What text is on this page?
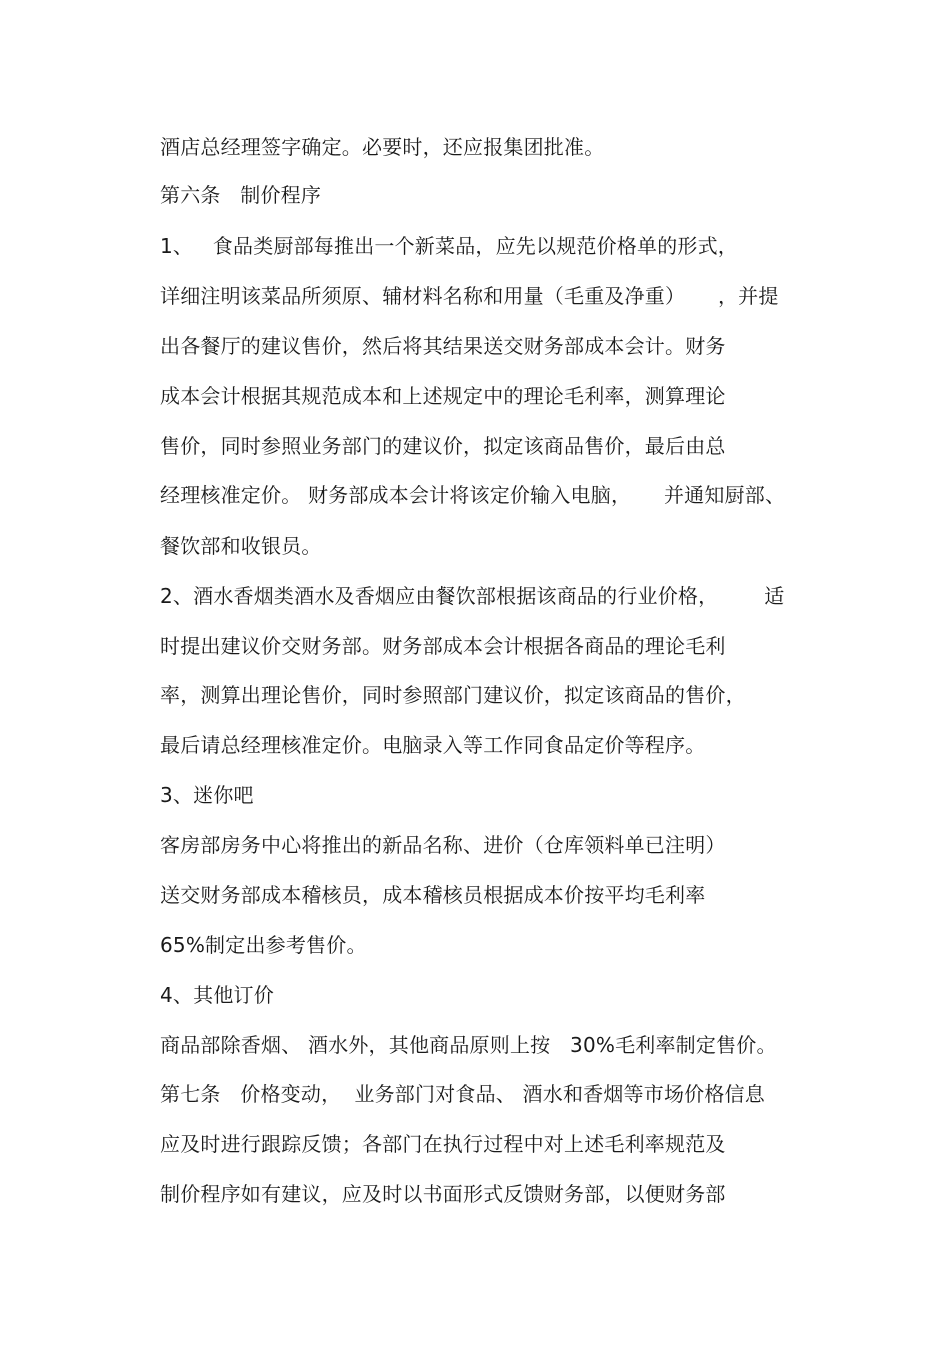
酒店总经理签字确定。必要时，还应报集团批准。
第六条   制价程序
1、   食品类厨部每推出一个新菜品，应先以规范价格单的形式，
详细注明该菜品所须原、辅材料名称和用量（毛重及净重）     ，并提
出各餐厅的建议售价，然后将其结果送交财务部成本会计。财务
成本会计根据其规范成本和上述规定中的理论毛利率，测算理论
售价，同时参照业务部门的建议价，拟定该商品售价，最后由总
经理核准定价。 财务部成本会计将该定价输入电脑，     并通知厨部、
餐饮部和收银员。
2、酒水香烟类酒水及香烟应由餐饮部根据该商品的行业价格，       适
时提出建议价交财务部。财务部成本会计根据各商品的理论毛利
率，测算出理论售价，同时参照部门建议价，拟定该商品的售价，
最后请总经理核准定价。电脑录入等工作同食品定价等程序。
3、迷你吧
客房部房务中心将推出的新品名称、进价（仓库领料单已注明）
送交财务部成本稽核员，成本稽核员根据成本价按平均毛利率
65%制定出参考售价。
4、其他订价
商品部除香烟、 酒水外，其他商品原则上按   30%毛利率制定售价。
第七条   价格变动，  业务部门对食品、 酒水和香烟等市场价格信息
应及时进行跟踪反馈；各部门在执行过程中对上述毛利率规范及
制价程序如有建议，应及时以书面形式反馈财务部，以便财务部
